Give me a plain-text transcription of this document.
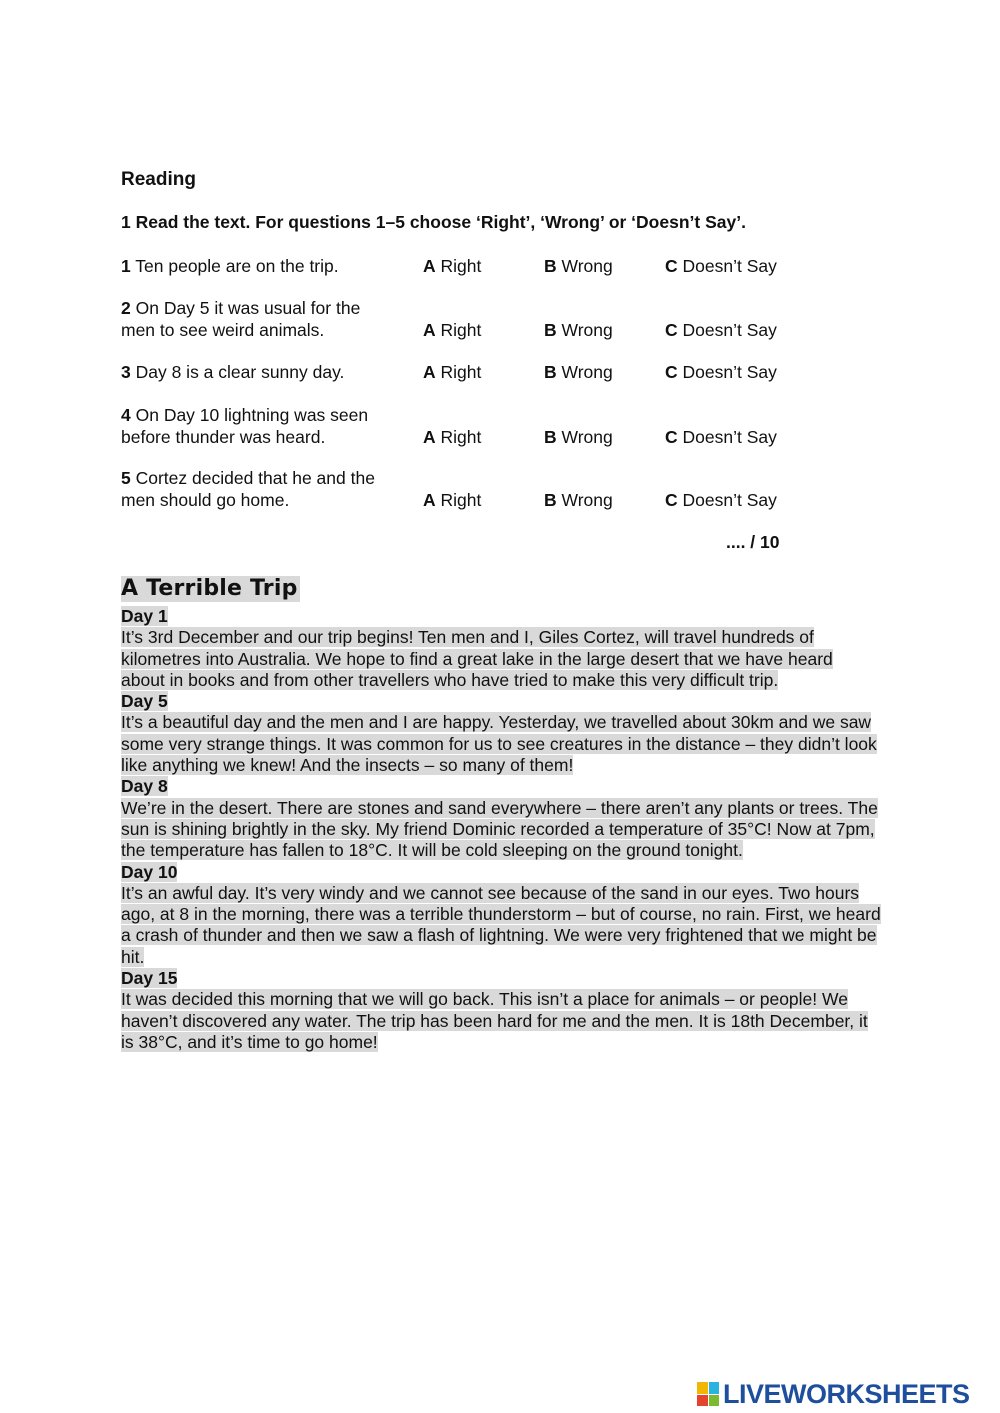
Reading
1 Read the text. For questions 1–5 choose ‘Right’, ‘Wrong’ or ‘Doesn’t Say’.
1 Ten people are on the trip.	A Right	B Wrong	C Doesn’t Say
2 On Day 5 it was usual for the
men to see weird animals.	A Right	B Wrong	C Doesn’t Say
3 Day 8 is a clear sunny day.	A Right	B Wrong	C Doesn’t Say
4 On Day 10 lightning was seen
before thunder was heard.	A Right	B Wrong	C Doesn’t Say
5 Cortez decided that he and the
men should go home.	A Right	B Wrong	C Doesn’t Say
.... / 10
A Terrible Trip
Day 1
It’s 3rd December and our trip begins! Ten men and I, Giles Cortez, will travel hundreds of kilometres into Australia. We hope to find a great lake in the large desert that we have heard about in books and from other travellers who have tried to make this very difficult trip.
Day 5
It’s a beautiful day and the men and I are happy. Yesterday, we travelled about 30km and we saw some very strange things. It was common for us to see creatures in the distance – they didn’t look like anything we knew! And the insects – so many of them!
Day 8
We’re in the desert. There are stones and sand everywhere – there aren’t any plants or trees. The sun is shining brightly in the sky. My friend Dominic recorded a temperature of 35°C! Now at 7pm, the temperature has fallen to 18°C. It will be cold sleeping on the ground tonight.
Day 10
It’s an awful day. It’s very windy and we cannot see because of the sand in our eyes. Two hours ago, at 8 in the morning, there was a terrible thunderstorm – but of course, no rain. First, we heard a crash of thunder and then we saw a flash of lightning. We were very frightened that we might be hit.
Day 15
It was decided this morning that we will go back. This isn’t a place for animals – or people! We haven’t discovered any water. The trip has been hard for me and the men. It is 18th December, it is 38°C, and it’s time to go home!
LIVEWORKSHEETS
